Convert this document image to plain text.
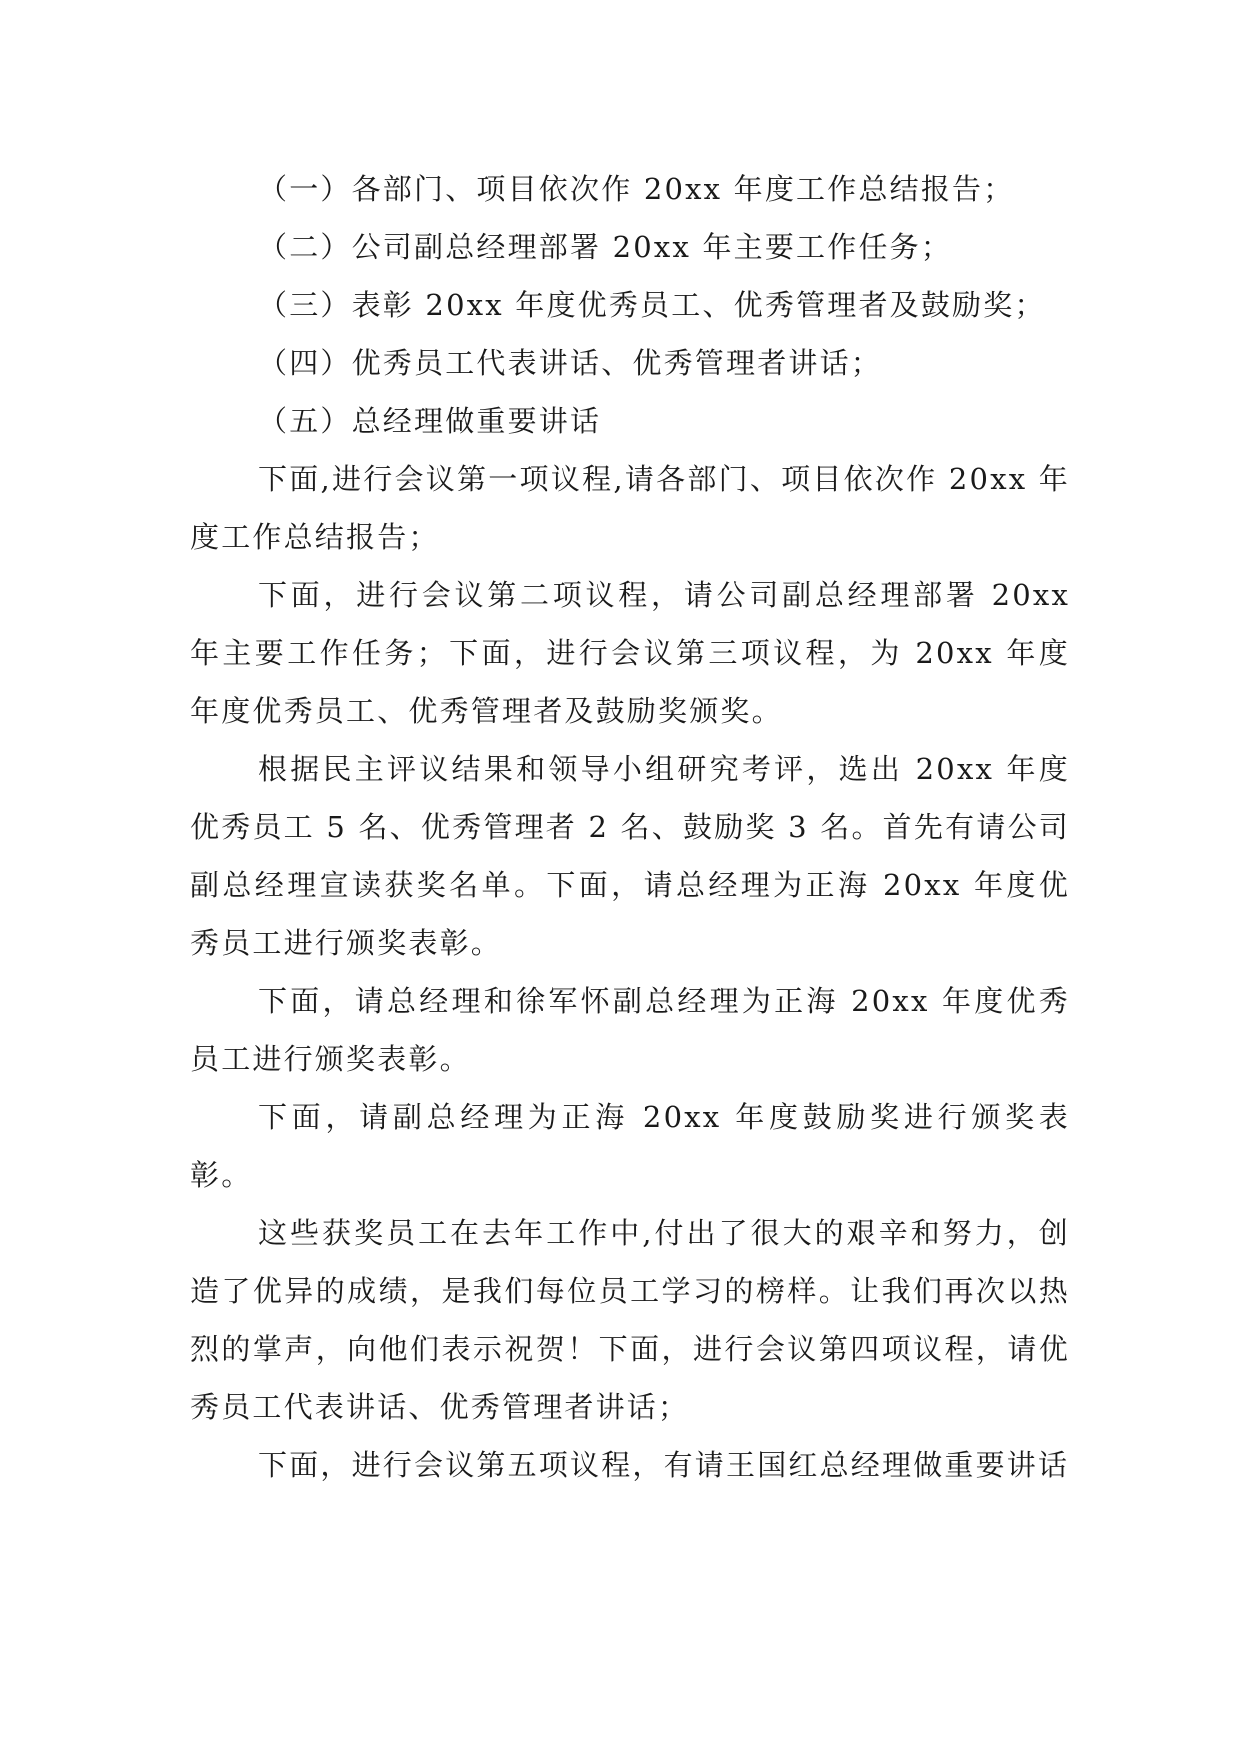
（一）各部门、项目依次作 20xx 年度工作总结报告；

（二）公司副总经理部署 20xx 年主要工作任务；

（三）表彰 20xx 年度优秀员工、优秀管理者及鼓励奖；

（四）优秀员工代表讲话、优秀管理者讲话；

（五）总经理做重要讲话

下面,进行会议第一项议程,请各部门、项目依次作 20xx 年度工作总结报告；

下面，进行会议第二项议程，请公司副总经理部署 20xx 年主要工作任务；下面，进行会议第三项议程，为 20xx 年度年度优秀员工、优秀管理者及鼓励奖颁奖。

根据民主评议结果和领导小组研究考评，选出 20xx 年度优秀员工 5 名、优秀管理者 2 名、鼓励奖 3 名。首先有请公司副总经理宣读获奖名单。下面，请总经理为正海 20xx 年度优秀员工进行颁奖表彰。

下面，请总经理和徐军怀副总经理为正海 20xx 年度优秀员工进行颁奖表彰。

下面，请副总经理为正海 20xx 年度鼓励奖进行颁奖表彰。

这些获奖员工在去年工作中,付出了很大的艰辛和努力，创造了优异的成绩，是我们每位员工学习的榜样。让我们再次以热烈的掌声，向他们表示祝贺！下面，进行会议第四项议程，请优秀员工代表讲话、优秀管理者讲话；

下面，进行会议第五项议程，有请王国红总经理做重要讲话
